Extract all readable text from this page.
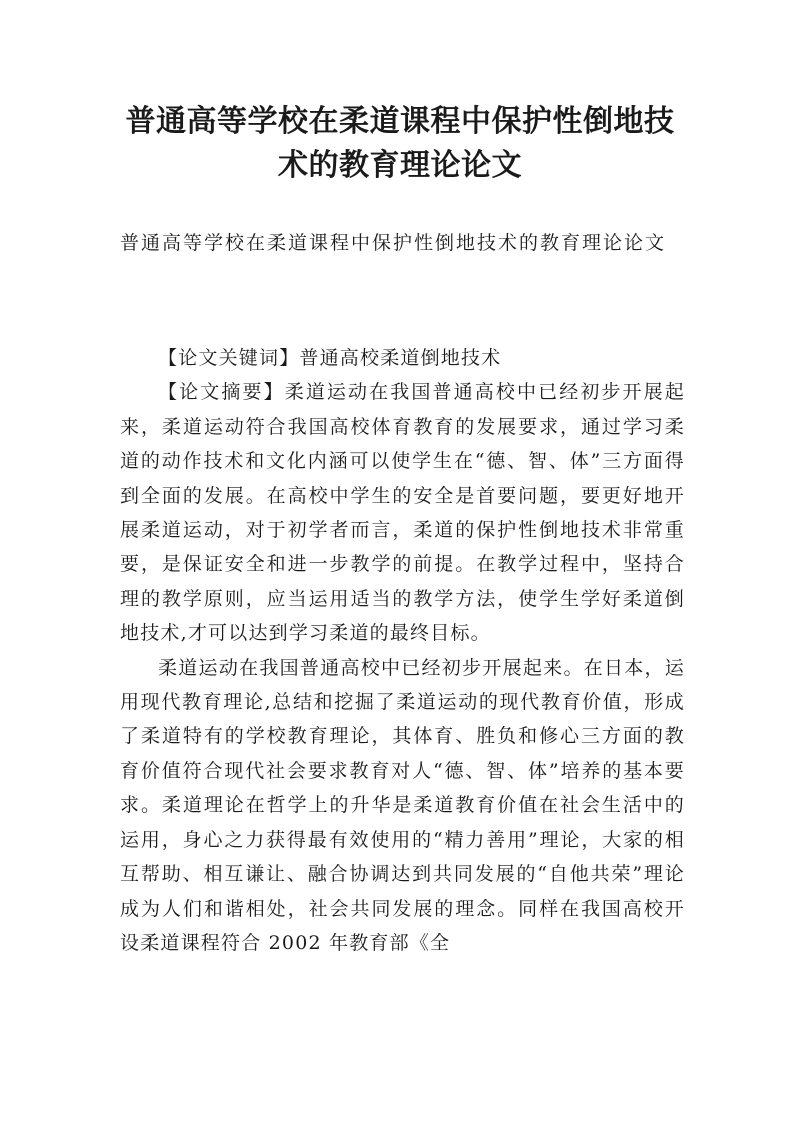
普通高等学校在柔道课程中保护性倒地技
术的教育理论论文

普通高等学校在柔道课程中保护性倒地技术的教育理论论文

【论文关键词】普通高校柔道倒地技术

【论文摘要】柔道运动在我国普通高校中已经初步开展起来，柔道运动符合我国高校体育教育的发展要求，通过学习柔道的动作技术和文化内涵可以使学生在“德、智、体”三方面得到全面的发展。在高校中学生的安全是首要问题，要更好地开展柔道运动，对于初学者而言，柔道的保护性倒地技术非常重要，是保证安全和进一步教学的前提。在教学过程中，坚持合理的教学原则，应当运用适当的教学方法，使学生学好柔道倒地技术,才可以达到学习柔道的最终目标。

柔道运动在我国普通高校中已经初步开展起来。在日本，运用现代教育理论,总结和挖掘了柔道运动的现代教育价值，形成了柔道特有的学校教育理论，其体育、胜负和修心三方面的教育价值符合现代社会要求教育对人“德、智、体”培养的基本要求。柔道理论在哲学上的升华是柔道教育价值在社会生活中的运用，身心之力获得最有效使用的“精力善用”理论，大家的相互帮助、相互谦让、融合协调达到共同发展的“自他共荣”理论成为人们和谐相处，社会共同发展的理念。同样在我国高校开设柔道课程符合 2002 年教育部《全
